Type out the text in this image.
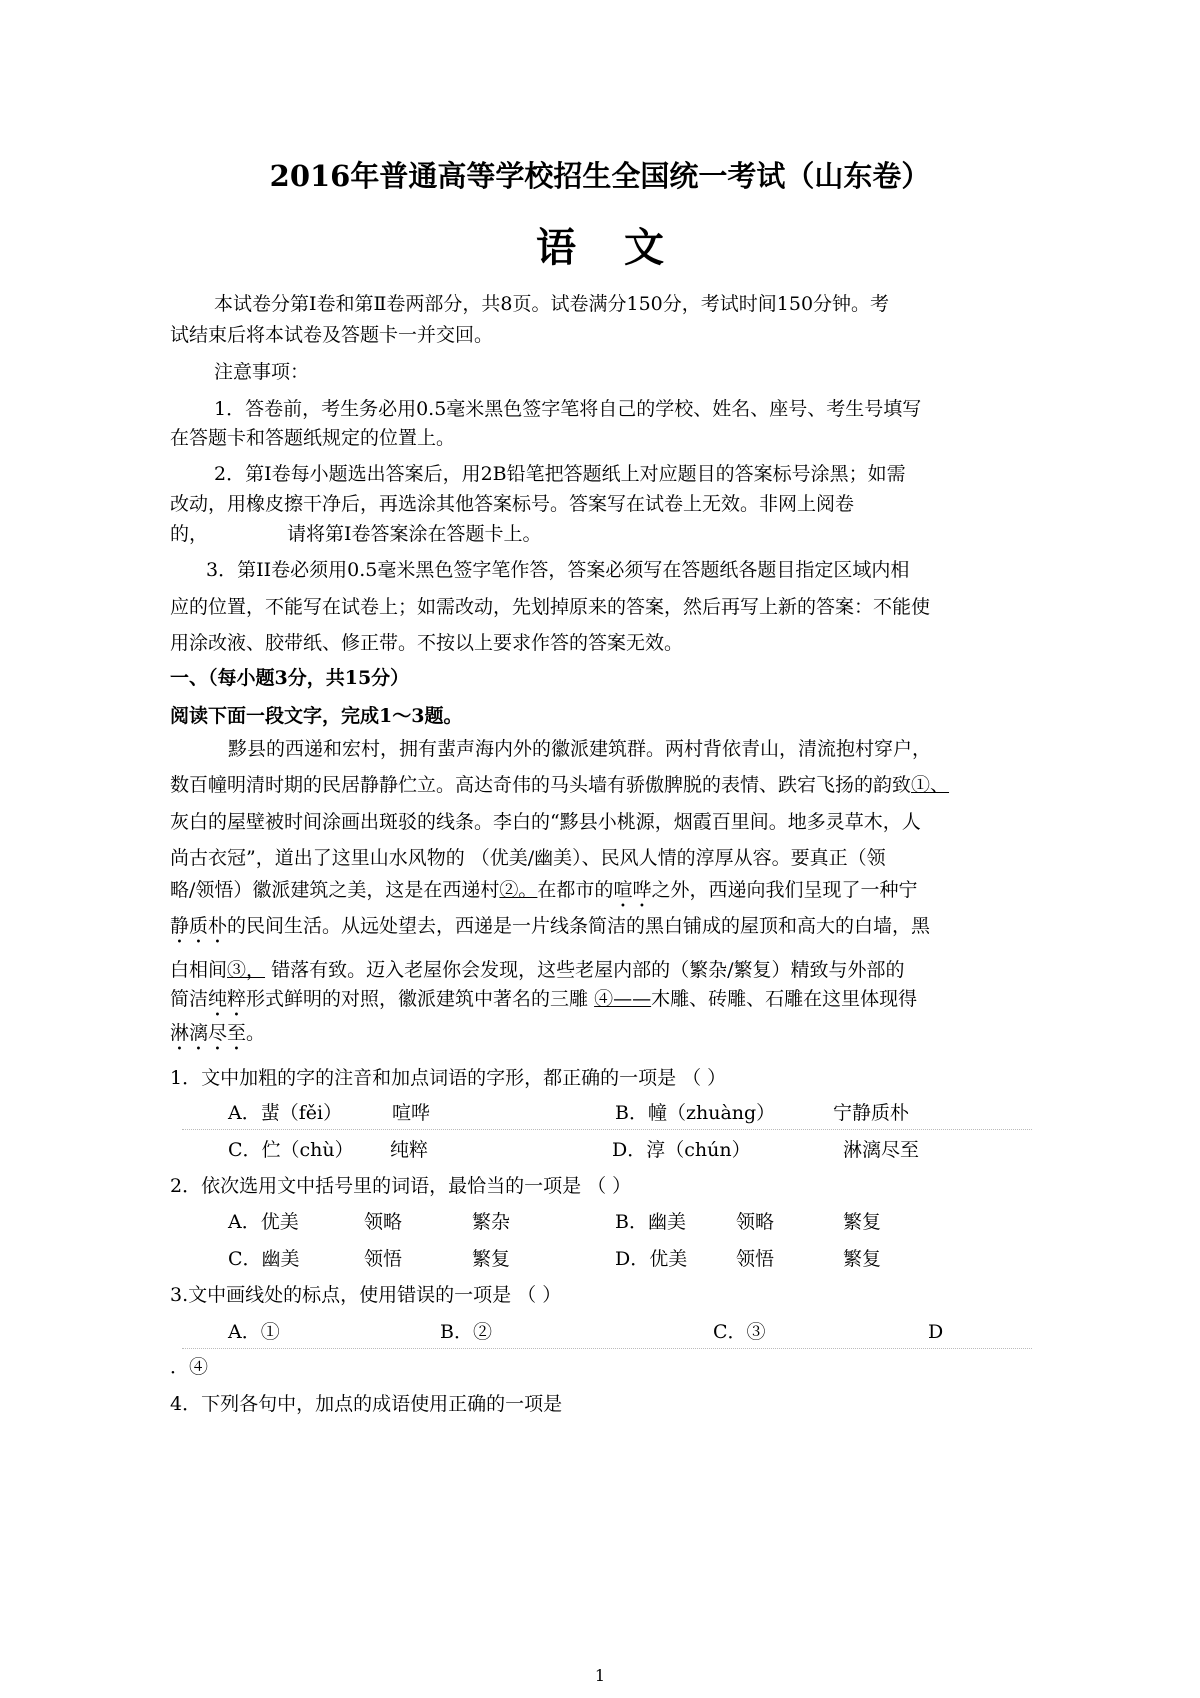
2016年普通高等学校招生全国统一考试（山东卷）
语文
本试卷分第Ⅰ卷和第Ⅱ卷两部分，共8页。试卷满分150分，考试时间150分钟。考
试结束后将本试卷及答题卡一并交回。
注意事项：
1．答卷前，考生务必用0.5毫米黑色签字笔将自己的学校、姓名、座号、考生号填写
在答题卡和答题纸规定的位置上。
2．第Ⅰ卷每小题选出答案后，用2B铅笔把答题纸上对应题目的答案标号涂黑；如需
改动，用橡皮擦干净后，再选涂其他答案标号。答案写在试卷上无效。非网上阅卷
的，	请将第Ⅰ卷答案涂在答题卡上。
3．第II卷必须用0.5毫米黑色签字笔作答，答案必须写在答题纸各题目指定区域内相
应的位置，不能写在试卷上；如需改动，先划掉原来的答案，然后再写上新的答案：不能使
用涂改液、胶带纸、修正带。不按以上要求作答的答案无效。
一、（每小题3分，共15分）
阅读下面一段文字，完成1～3题。
黟县的西递和宏村，拥有蜚声海内外的徽派建筑群。两村背依青山，清流抱村穿户，
数百幢明清时期的民居静静伫立。高达奇伟的马头墙有骄傲脾脱的表情、跌宕飞扬的韵致①、
灰白的屋壁被时间涂画出斑驳的线条。李白的“黟县小桃源，烟霞百里间。地多灵草木，人
尚古衣冠”，道出了这里山水风物的 （优美/幽美）、民风人情的淳厚从容。要真正（领
略/领悟）徽派建筑之美，这是在西递村②。在都市的喧哗之外，西递向我们呈现了一种宁
静质朴的民间生活。从远处望去，西递是一片线条简洁的黑白铺成的屋顶和高大的白墙，黑
白相间③， 错落有致。迈入老屋你会发现，这些老屋内部的（繁杂/繁复）精致与外部的
简洁纯粹形式鲜明的对照，徽派建筑中著名的三雕 ④——木雕、砖雕、石雕在这里体现得
淋漓尽至。
1．文中加粗的字的注音和加点词语的字形，都正确的一项是 （ ）
A．蜚（fěi）	喧哗	B．幢（zhuàng）	宁静质朴
C．伫（chù） 纯粹	D．淳（chún）	淋漓尽至
2．依次选用文中括号里的词语，最恰当的一项是 （ ）
A．优美	领略	繁杂	B．幽美	领略	繁复
C．幽美	领悟	繁复	D．优美	领悟	繁复
3.文中画线处的标点，使用错误的一项是 （ ）
A．①	B．②	C．③	D
．④
4．下列各句中，加点的成语使用正确的一项是
1
